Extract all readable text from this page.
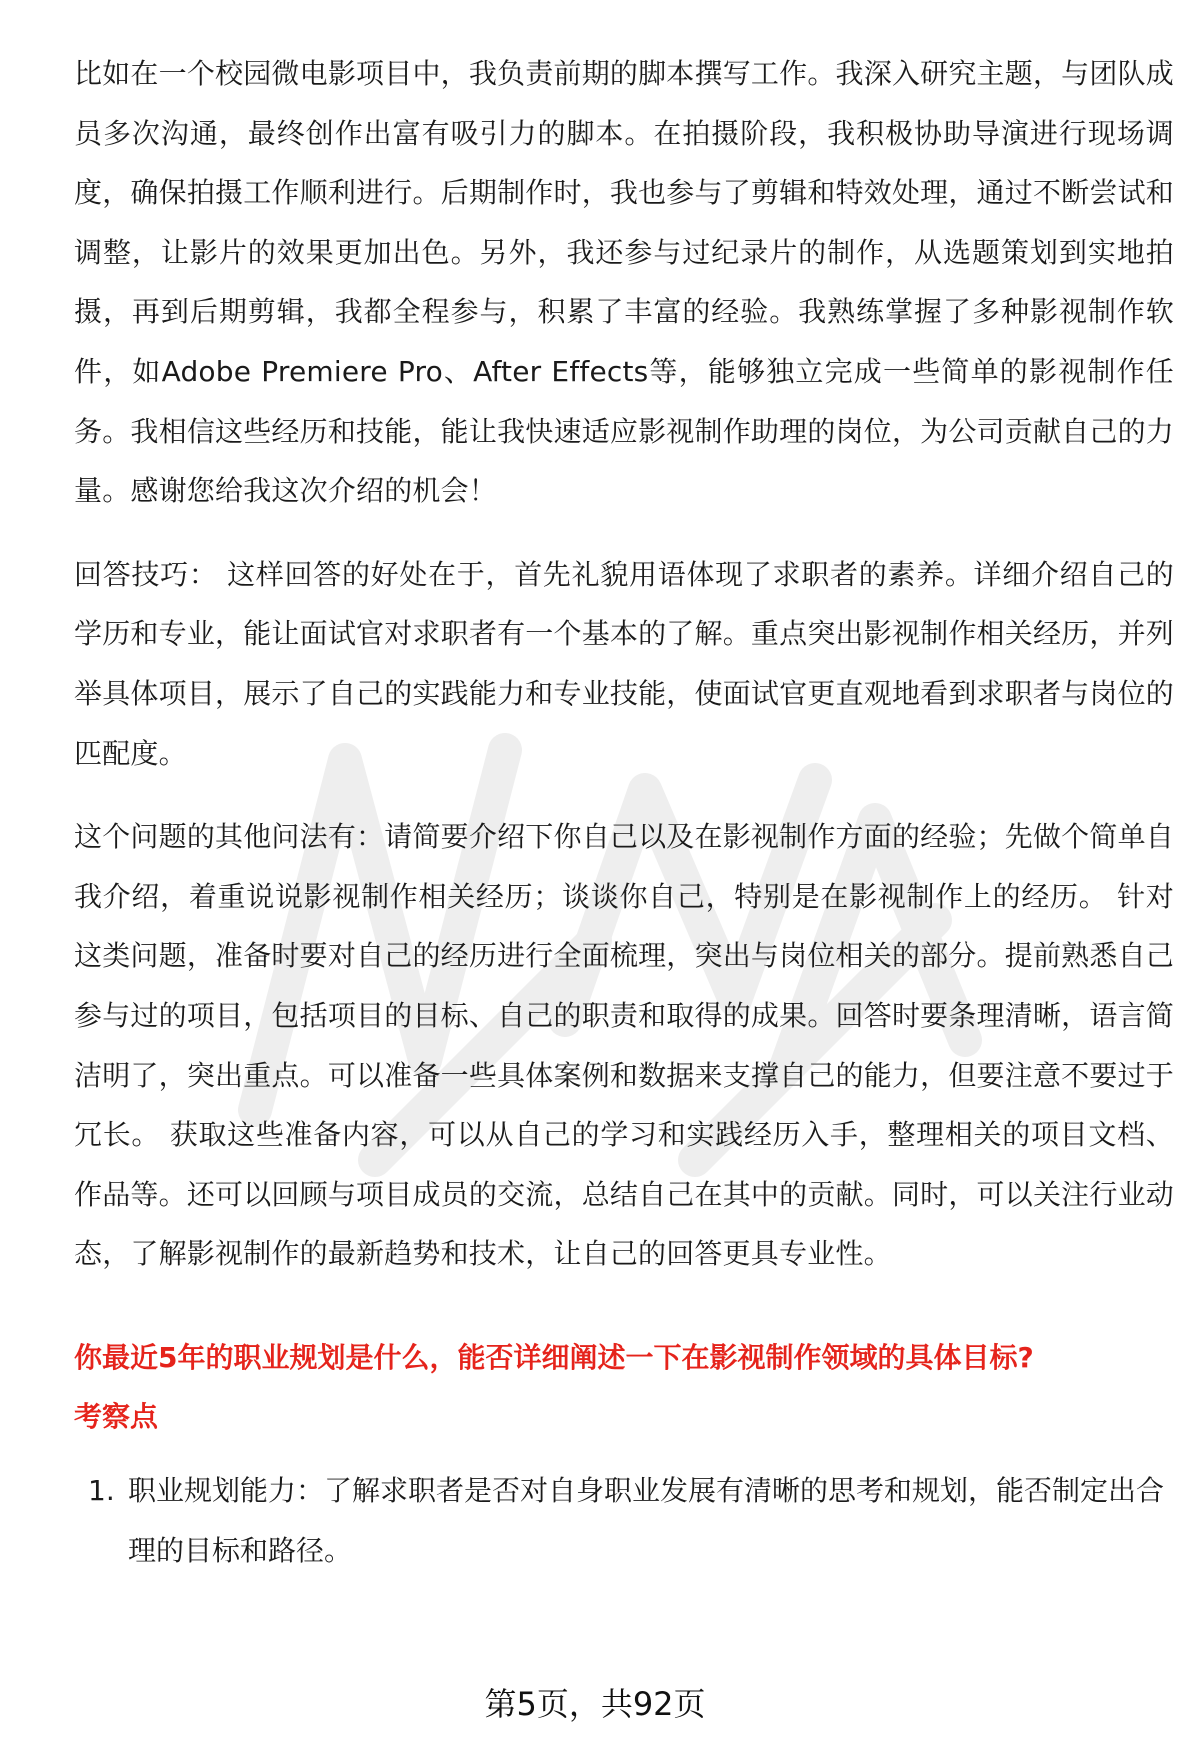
比如在一个校园微电影项目中，我负责前期的脚本撰写工作。我深入研究主题，与团队成员多次沟通，最终创作出富有吸引力的脚本。在拍摄阶段，我积极协助导演进行现场调度，确保拍摄工作顺利进行。后期制作时，我也参与了剪辑和特效处理，通过不断尝试和调整，让影片的效果更加出色。另外，我还参与过纪录片的制作，从选题策划到实地拍摄，再到后期剪辑，我都全程参与，积累了丰富的经验。我熟练掌握了多种影视制作软件，如Adobe Premiere Pro、After Effects等，能够独立完成一些简单的影视制作任务。我相信这些经历和技能，能让我快速适应影视制作助理的岗位，为公司贡献自己的力量。感谢您给我这次介绍的机会！

回答技巧： 这样回答的好处在于，首先礼貌用语体现了求职者的素养。详细介绍自己的学历和专业，能让面试官对求职者有一个基本的了解。重点突出影视制作相关经历，并列举具体项目，展示了自己的实践能力和专业技能，使面试官更直观地看到求职者与岗位的匹配度。

这个问题的其他问法有：请简要介绍下你自己以及在影视制作方面的经验；先做个简单自我介绍，着重说说影视制作相关经历；谈谈你自己，特别是在影视制作上的经历。 针对这类问题，准备时要对自己的经历进行全面梳理，突出与岗位相关的部分。提前熟悉自己参与过的项目，包括项目的目标、自己的职责和取得的成果。回答时要条理清晰，语言简洁明了，突出重点。可以准备一些具体案例和数据来支撑自己的能力，但要注意不要过于冗长。 获取这些准备内容，可以从自己的学习和实践经历入手，整理相关的项目文档、作品等。还可以回顾与项目成员的交流，总结自己在其中的贡献。同时，可以关注行业动态，了解影视制作的最新趋势和技术，让自己的回答更具专业性。

你最近5年的职业规划是什么，能否详细阐述一下在影视制作领域的具体目标?
考察点
1. 职业规划能力：了解求职者是否对自身职业发展有清晰的思考和规划，能否制定出合理的目标和路径。
第5页，共92页
